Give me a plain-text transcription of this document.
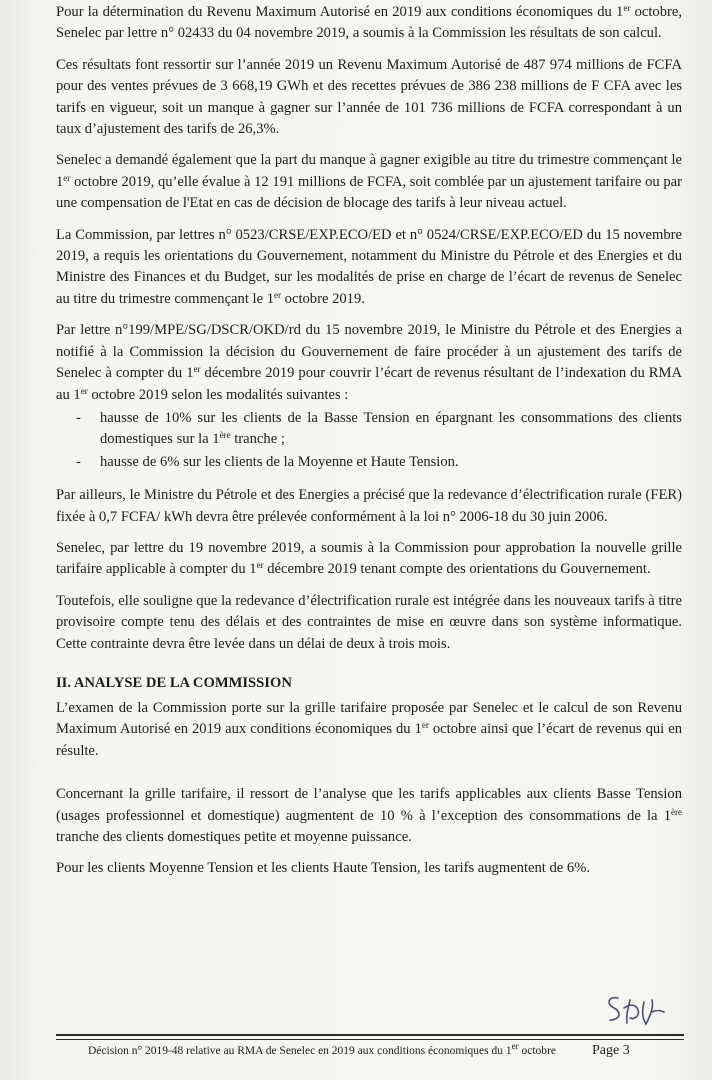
Pour la détermination du Revenu Maximum Autorisé en 2019 aux conditions économiques du 1er octobre, Senelec par lettre n° 02433 du 04 novembre 2019, a soumis à la Commission les résultats de son calcul.

Ces résultats font ressortir sur l’année 2019 un Revenu Maximum Autorisé de 487 974 millions de FCFA pour des ventes prévues de 3 668,19 GWh et des recettes prévues de 386 238 millions de F CFA avec les tarifs en vigueur, soit un manque à gagner sur l’année de 101 736 millions de FCFA correspondant à un taux d’ajustement des tarifs de 26,3%.

Senelec a demandé également que la part du manque à gagner exigible au titre du trimestre commençant le 1er octobre 2019, qu’elle évalue à 12 191 millions de FCFA, soit comblée par un ajustement tarifaire ou par une compensation de l'Etat en cas de décision de blocage des tarifs à leur niveau actuel.

La Commission, par lettres n° 0523/CRSE/EXP.ECO/ED et n° 0524/CRSE/EXP.ECO/ED du 15 novembre 2019, a requis les orientations du Gouvernement, notamment du Ministre du Pétrole et des Energies et du Ministre des Finances et du Budget, sur les modalités de prise en charge de l’écart de revenus de Senelec au titre du trimestre commençant le 1er octobre 2019.

Par lettre n°199/MPE/SG/DSCR/OKD/rd du 15 novembre 2019, le Ministre du Pétrole et des Energies a notifié à la Commission la décision du Gouvernement de faire procéder à un ajustement des tarifs de Senelec à compter du 1er décembre 2019 pour couvrir l’écart de revenus résultant de l’indexation du RMA au 1er octobre 2019 selon les modalités suivantes :

- hausse de 10% sur les clients de la Basse Tension en épargnant les consommations des clients domestiques sur la 1ère tranche ;
- hausse de 6% sur les clients de la Moyenne et Haute Tension.

Par ailleurs, le Ministre du Pétrole et des Energies a précisé que la redevance d’électrification rurale (FER) fixée à 0,7 FCFA/ kWh devra être prélevée conformément à la loi n° 2006-18 du 30 juin 2006.

Senelec, par lettre du 19 novembre 2019, a soumis à la Commission pour approbation la nouvelle grille tarifaire applicable à compter du 1er décembre 2019 tenant compte des orientations du Gouvernement.

Toutefois, elle souligne que la redevance d’électrification rurale est intégrée dans les nouveaux tarifs à titre provisoire compte tenu des délais et des contraintes de mise en œuvre dans son système informatique. Cette contrainte devra être levée dans un délai de deux à trois mois.

II. ANALYSE DE LA COMMISSION

L’examen de la Commission porte sur la grille tarifaire proposée par Senelec et le calcul de son Revenu Maximum Autorisé en 2019 aux conditions économiques du 1er octobre ainsi que l’écart de revenus qui en résulte.

Concernant la grille tarifaire, il ressort de l’analyse que les tarifs applicables aux clients Basse Tension (usages professionnel et domestique) augmentent de 10 % à l’exception des consommations de la 1ère tranche des clients domestiques petite et moyenne puissance.

Pour les clients Moyenne Tension et les clients Haute Tension, les tarifs augmentent de 6%.

Décision n° 2019-48 relative au RMA de Senelec en 2019 aux conditions économiques du 1er octobre	Page 3
